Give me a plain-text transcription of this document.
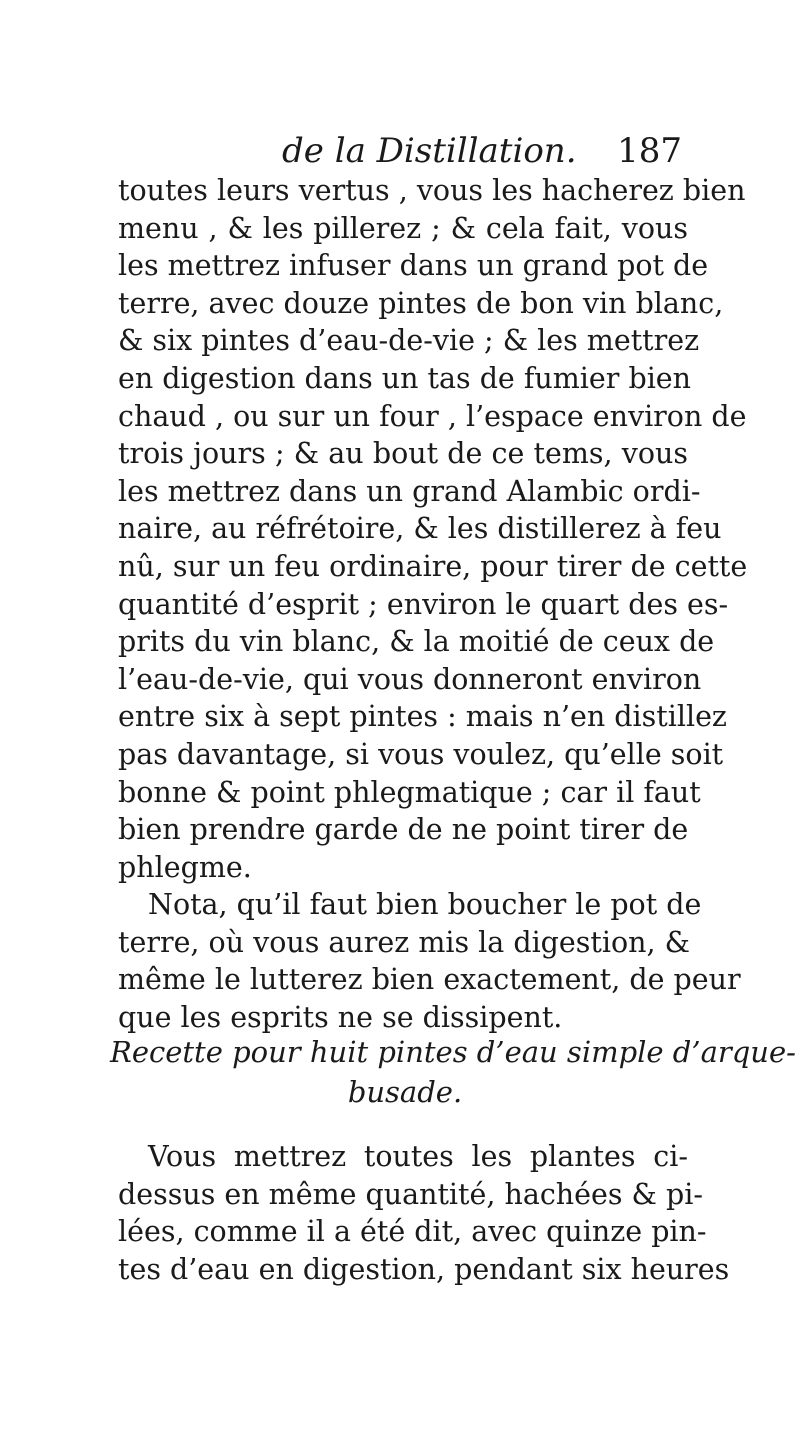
de la Distillation. 187
toutes leurs vertus , vous les hacherez bien
menu , & les pillerez ; & cela fait, vous
les mettrez infuser dans un grand pot de
terre, avec douze pintes de bon vin blanc,
& six pintes d’eau-de-vie ; & les mettrez
en digestion dans un tas de fumier bien
chaud , ou sur un four , l’espace environ de
trois jours ; & au bout de ce tems, vous
les mettrez dans un grand Alambic ordi-
naire, au réfrétoire, & les distillerez à feu
nû, sur un feu ordinaire, pour tirer de cette
quantité d’esprit ; environ le quart des es-
prits du vin blanc, & la moitié de ceux de
l’eau-de-vie, qui vous donneront environ
entre six à sept pintes : mais n’en distillez
pas davantage, si vous voulez, qu’elle soit
bonne & point phlegmatique ; car il faut
bien prendre garde de ne point tirer de
phlegme.
Nota, qu’il faut bien boucher le pot de
terre, où vous aurez mis la digestion, &
même le lutterez bien exactement, de peur
que les esprits ne se dissipent.
Recette pour huit pintes d’eau simple d’arque-
busade.
Vous mettrez toutes les plantes ci-
dessus en même quantité, hachées & pi-
lées, comme il a été dit, avec quinze pin-
tes d’eau en digestion, pendant six heures
